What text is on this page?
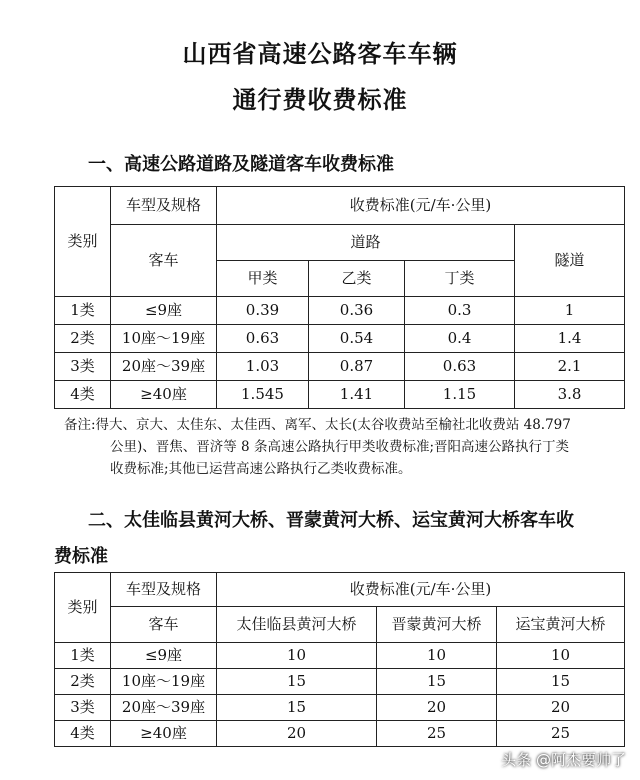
山西省高速公路客车车辆
通行费收费标准
一、高速公路道路及隧道客车收费标准
类别	车型及规格	收费标准(元/车·公里)			
	客车	道路			隧道
		甲类	乙类	丁类	
1类	≤9座	0.39	0.36	0.3	1
2类	10座～19座	0.63	0.54	0.4	1.4
3类	20座～39座	1.03	0.87	0.63	2.1
4类	≥40座	1.545	1.41	1.15	3.8
备注:得大、京大、太佳东、太佳西、离军、太长(太谷收费站至榆社北收费站 48.797
公里)、晋焦、晋济等 8 条高速公路执行甲类收费标准;晋阳高速公路执行丁类
收费标准;其他已运营高速公路执行乙类收费标准。
二、太佳临县黄河大桥、晋蒙黄河大桥、运宝黄河大桥客车收
费标准
类别	车型及规格	收费标准(元/车·公里)		
	客车	太佳临县黄河大桥	晋蒙黄河大桥	运宝黄河大桥
1类	≤9座	10	10	10
2类	10座～19座	15	15	15
3类	20座～39座	15	20	20
4类	≥40座	20	25	25
头条 @阿杰要帅了
